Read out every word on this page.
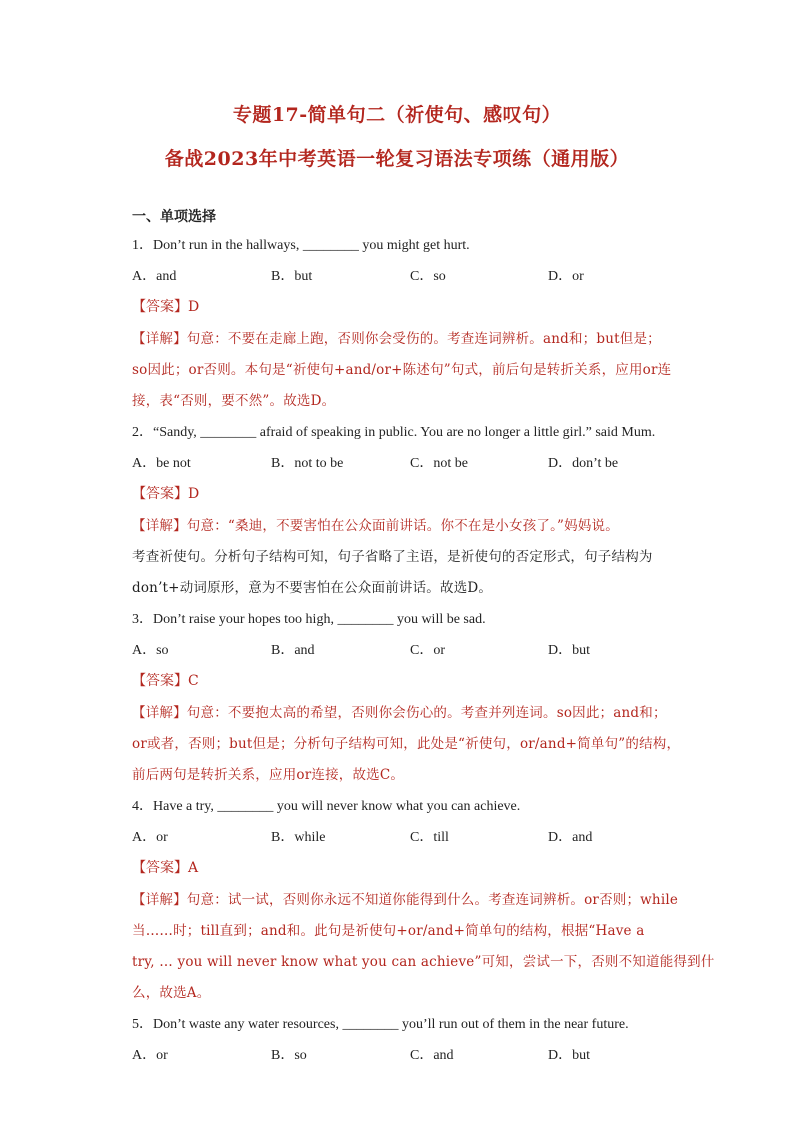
专题17-简单句二（祈使句、感叹句）
备战2023年中考英语一轮复习语法专项练（通用版）
一、单项选择
1．Don’t run in the hallways, ________ you might get hurt.
A．and	B．but	C．so	D．or
【答案】D
【详解】句意：不要在走廊上跑，否则你会受伤的。考查连词辨析。and和；but但是；
so因此；or否则。本句是“祈使句+and/or+陈述句”句式，前后句是转折关系，应用or连
接，表“否则，要不然”。故选D。
2．“Sandy, ________ afraid of speaking in public. You are no longer a little girl.” said Mum.
A．be not	B．not to be	C．not be	D．don’t be
【答案】D
【详解】句意：“桑迪，不要害怕在公众面前讲话。你不在是小女孩了。”妈妈说。
考查祈使句。分析句子结构可知，句子省略了主语，是祈使句的否定形式，句子结构为
don’t+动词原形，意为不要害怕在公众面前讲话。故选D。
3．Don’t raise your hopes too high, ________ you will be sad.
A．so	B．and	C．or	D．but
【答案】C
【详解】句意：不要抱太高的希望，否则你会伤心的。考查并列连词。so因此；and和；
or或者，否则；but但是；分析句子结构可知，此处是“祈使句，or/and+简单句”的结构，
前后两句是转折关系，应用or连接，故选C。
4．Have a try, ________ you will never know what you can achieve.
A．or	B．while	C．till	D．and
【答案】A
【详解】句意：试一试，否则你永远不知道你能得到什么。考查连词辨析。or否则；while
当……时；till直到；and和。此句是祈使句+or/and+简单句的结构，根据“Have a
try, … you will never know what you can achieve”可知，尝试一下，否则不知道能得到什
么，故选A。
5．Don’t waste any water resources, ________ you’ll run out of them in the near future.
A．or	B．so	C．and	D．but
